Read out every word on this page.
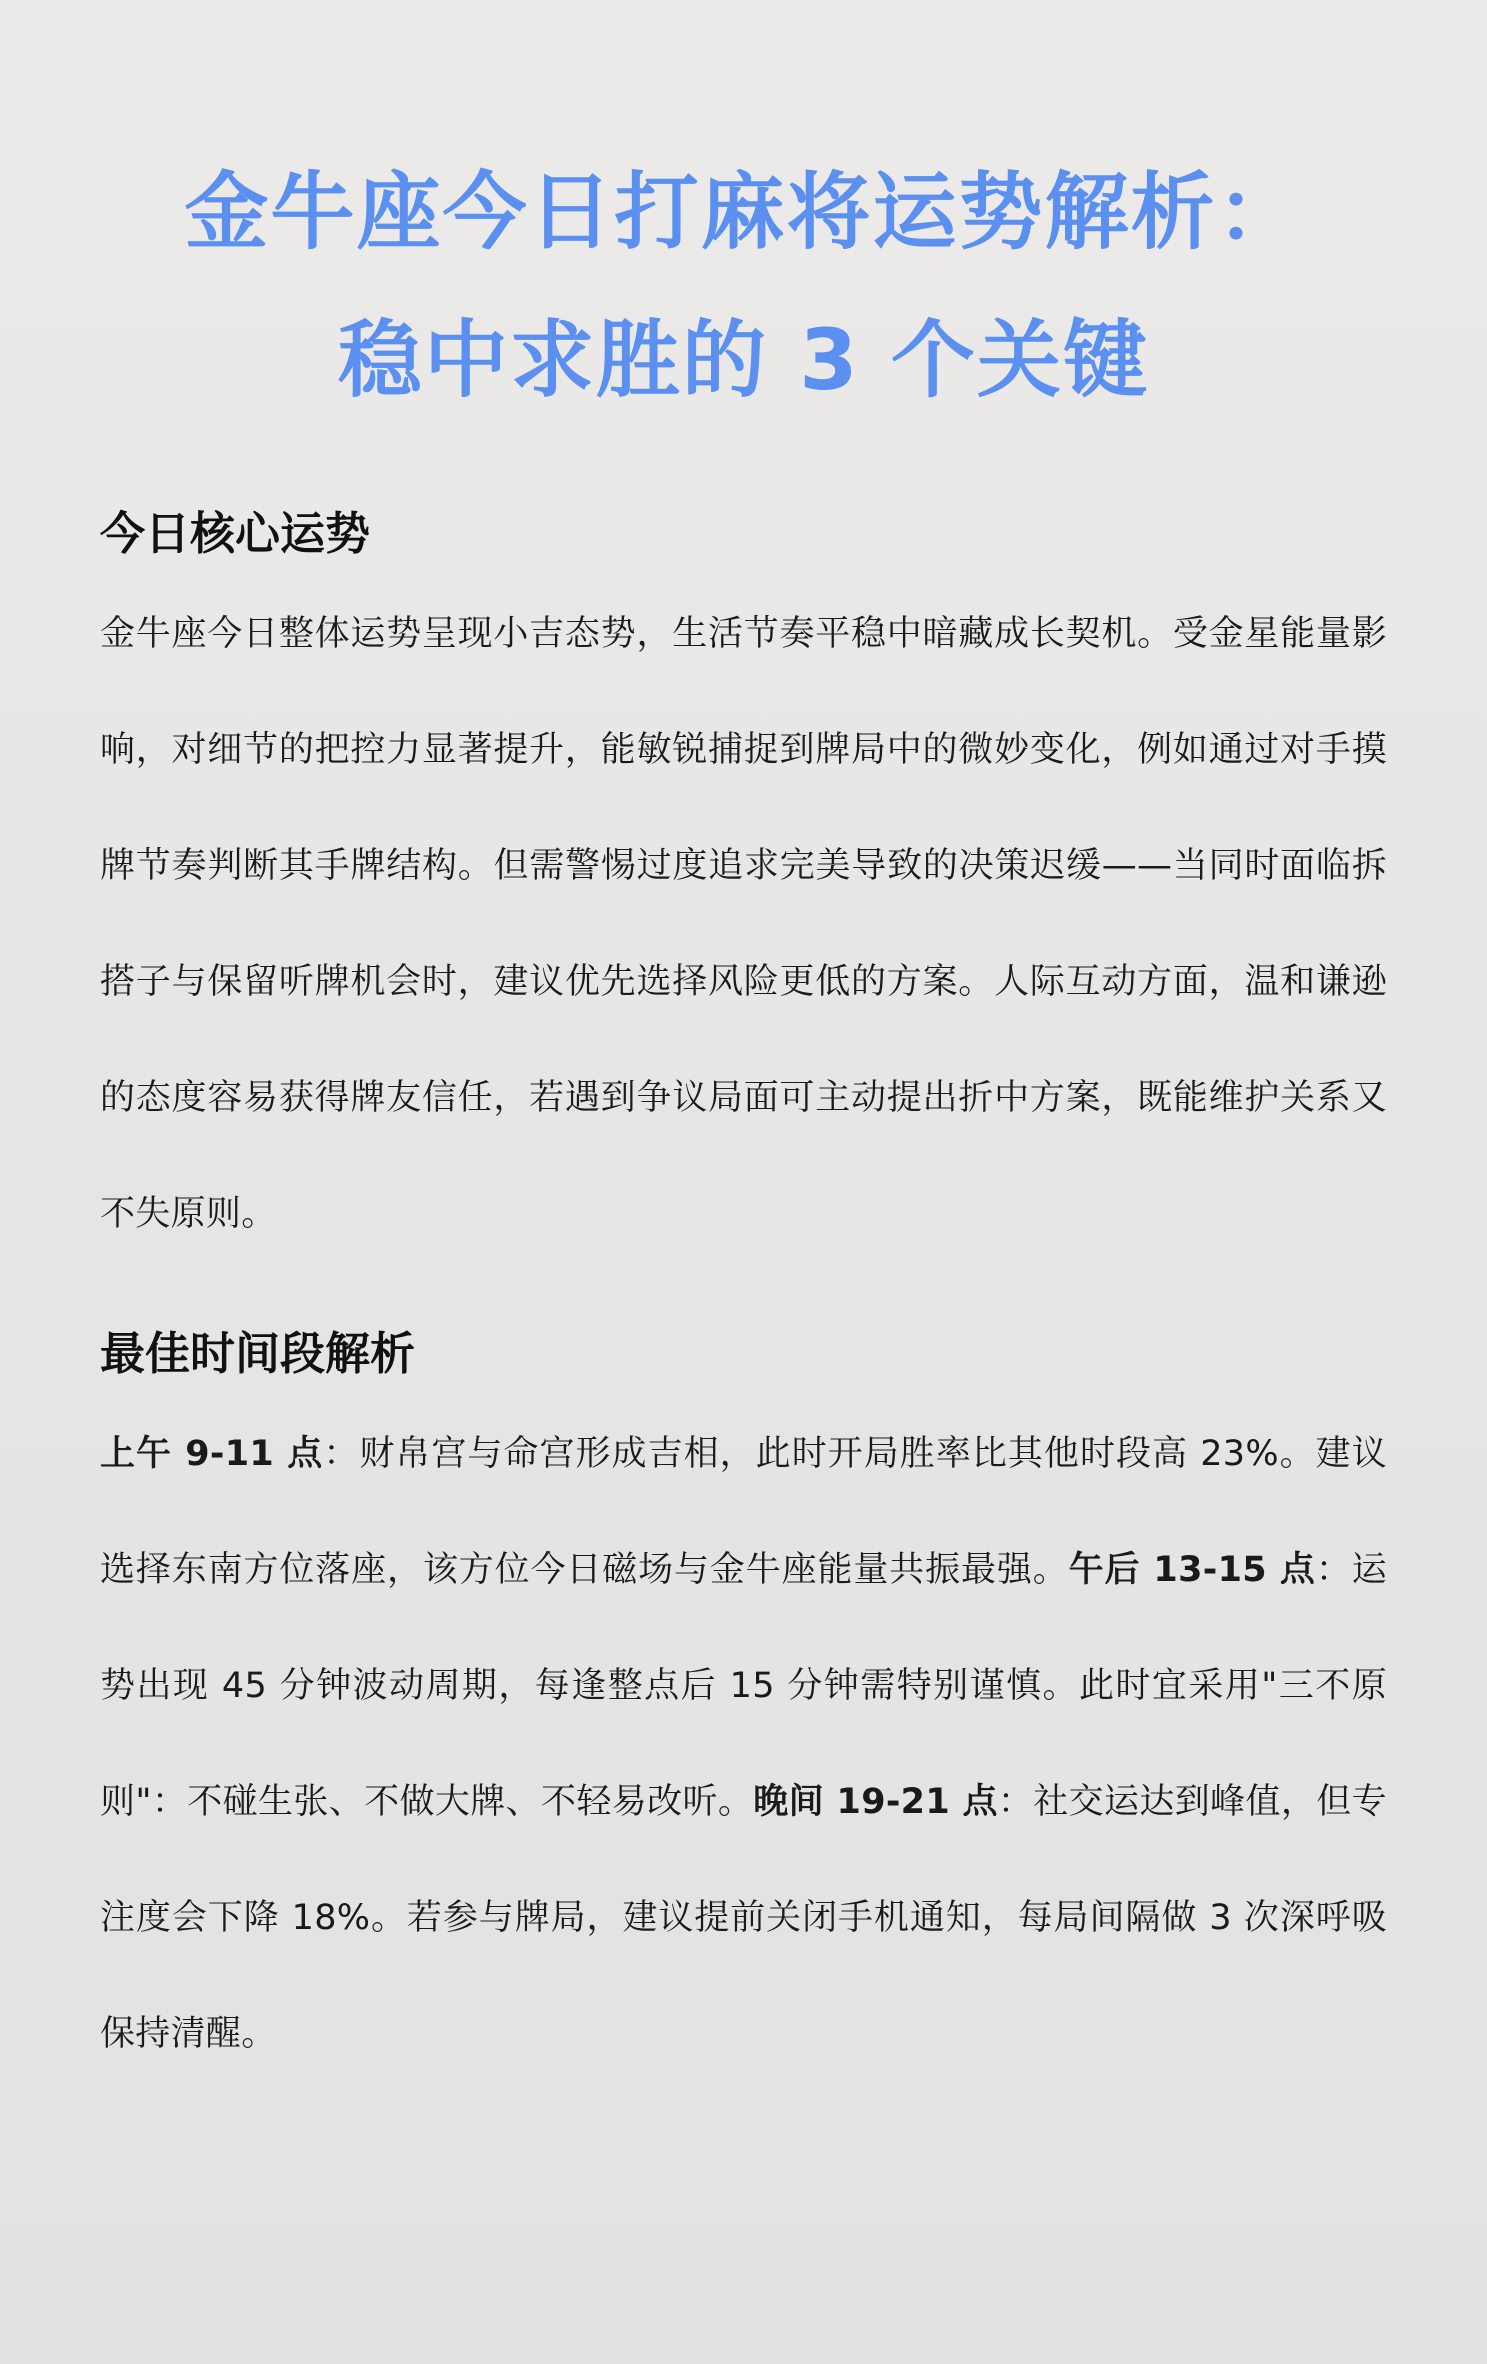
金牛座今日打麻将运势解析：
稳中求胜的 3 个关键
今日核心运势

金牛座今日整体运势呈现小吉态势，生活节奏平稳中暗藏成长契机。受金星能量影响，对细节的把控力显著提升，能敏锐捕捉到牌局中的微妙变化，例如通过对手摸牌节奏判断其手牌结构。但需警惕过度追求完美导致的决策迟缓——当同时面临拆搭子与保留听牌机会时，建议优先选择风险更低的方案。人际互动方面，温和谦逊的态度容易获得牌友信任，若遇到争议局面可主动提出折中方案，既能维护关系又不失原则。

最佳时间段解析

上午 9-11 点：财帛宫与命宫形成吉相，此时开局胜率比其他时段高 23%。建议选择东南方位落座，该方位今日磁场与金牛座能量共振最强。午后 13-15 点：运势出现 45 分钟波动周期，每逢整点后 15 分钟需特别谨慎。此时宜采用"三不原则"：不碰生张、不做大牌、不轻易改听。晚间 19-21 点：社交运达到峰值，但专注度会下降 18%。若参与牌局，建议提前关闭手机通知，每局间隔做 3 次深呼吸保持清醒。
